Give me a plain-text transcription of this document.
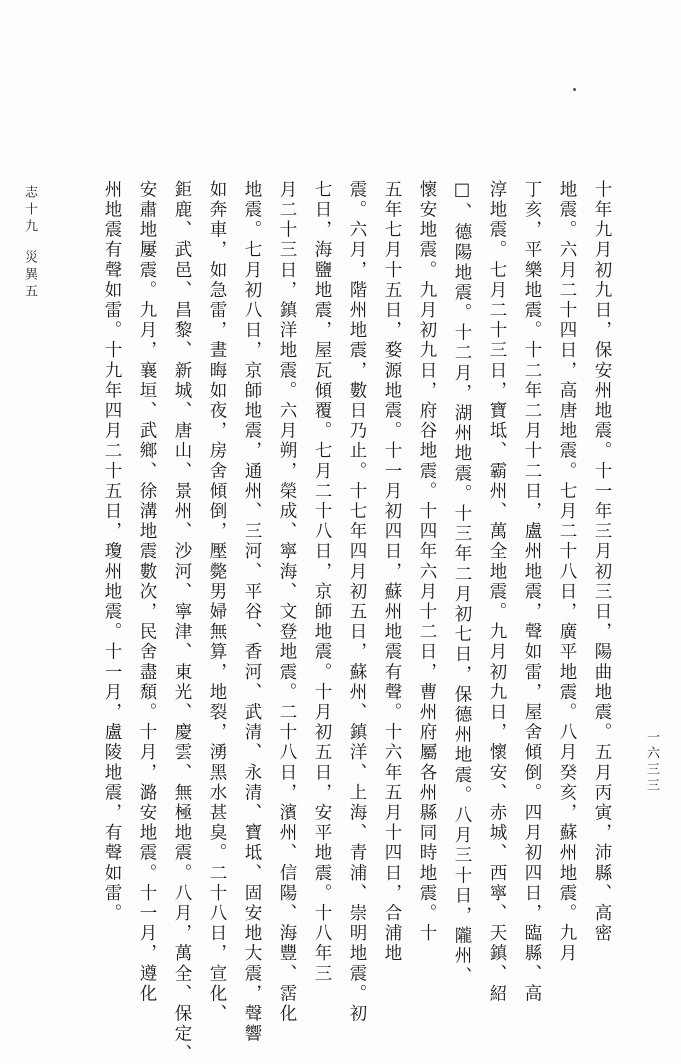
十年九月初九日，保安州地震。十一年三月初三日，陽曲地震。五月丙寅，沛縣、高密
地震。六月二十四日，高唐地震。七月二十八日，廣平地震。八月癸亥，蘇州地震。九月
丁亥，平樂地震。十二年二月十二日，盧州地震，聲如雷，屋舍傾倒。四月初四日，臨縣、高
淳地震。七月二十三日，寶坻、霸州、萬全地震。九月初九日，懷安、赤城、西寧、天鎮、紹
□、德陽地震。十二月，湖州地震。十三年二月初七日，保德州地震。八月三十日，隴州、
懷安地震。九月初九日，府谷地震。十四年六月十二日，曹州府屬各州縣同時地震。十
五年七月十五日，婺源地震。十一月初四日，蘇州地震有聲。十六年五月十四日，合浦地
震。六月，階州地震，數日乃止。十七年四月初五日，蘇州、鎮洋、上海、青浦、崇明地震。初
七日，海鹽地震，屋瓦傾覆。七月二十八日，京師地震。十月初五日，安平地震。十八年三
月二十三日，鎮洋地震。六月朔，榮成、寧海、文登地震。二十八日，濱州、信陽、海豐、霑化
地震。七月初八日，京師地震，通州、三河、平谷、香河、武清、永清、寶坻、固安地大震，聲響
如奔車，如急雷，晝晦如夜，房舍傾倒，壓斃男婦無算，地裂，湧黑水甚臭。二十八日，宣化、
鉅鹿、武邑、昌黎、新城、唐山、景州、沙河、寧津、東光、慶雲、無極地震。八月，萬全、保定、
安肅地屢震。九月，襄垣、武鄉、徐溝地震數次，民舍盡頹。十月，潞安地震。十一月，遵化
州地震有聲如雷。十九年四月二十五日，瓊州地震。十一月，盧陵地震，有聲如雷。
志十九災異五
一六三三
